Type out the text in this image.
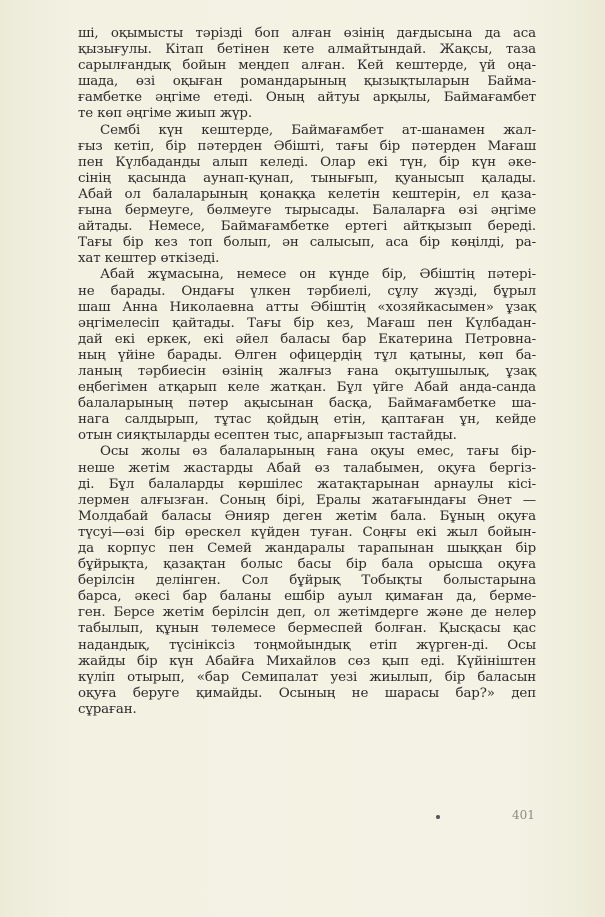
ші, оқымысты тәрізді боп алған өзінің дағдысына да аса
қызығулы. Кітап бетінен кете алмайтындай. Жақсы, таза
сарылғандық бойын меңдеп алған. Кей кештерде, үй оңа-
шада, өзі оқыған романдарының қызықтыларын Баймa-
ғамбетке әңгіме етеді. Оның айтуы арқылы, Баймағамбет
те көп әңгіме жиып жүр.
Сембі күн кештерде, Баймағамбет ат-шанамен жал-
ғыз кетіп, бір пәтерден Әбішті, тағы бір пәтерден Мағаш
пен Күлбаданды алып келеді. Олар екі түн, бір күн әке-
сінің қасында аунап-қунап, тынығып, қуанысып қалады.
Абай ол балаларының қонаққа келетін кештерін, ел қаза-
ғына бермеуге, бөлмеуге тырысады. Балаларға өзі әңгіме
айтады. Немесе, Баймағамбетке ертегі айтқызып береді.
Тағы бір кез топ болып, ән салысып, аса бір көңілді, ра-
хат кештер өткізеді.
Абай жұмасына, немесе он күнде бір, Әбіштің пәтері-
не барады. Ондағы үлкен тәрбиелі, сұлу жүзді, бұрыл
шаш Анна Николаевна атты Әбіштің «хозяйкасымен» ұзақ
әңгімелесіп қайтады. Тағы бір кез, Мағаш пен Күлбадан-
дай екі еркек, екі әйел баласы бар Екатерина Петровна-
ның үйіне барады. Өлген офицердің тұл қатыны, көп ба-
ланың тәрбиесін өзінің жалғыз ғана оқытушылық, ұзақ
еңбегімен атқарып келе жатқан. Бұл үйге Абай анда-санда
балаларының пәтер ақысынан басқа, Баймағамбетке ша-
нага салдырып, тұтас қойдың етін, қаптаған ұн, кейде
отын сияқтыларды есептен тыс, апарғызып тастайды.
Осы жолы өз балаларының ғана оқуы емес, тағы бір-
неше жетім жастарды Абай өз талабымен, оқуға бергіз-
ді. Бұл балаларды көршілес жатақтарынан арнаулы кісі-
лермен алғызған. Соның бірі, Ералы жатағындағы Әнет —
Молдабай баласы Әнияр деген жетім бала. Бұның оқуға
түсуі—өзі бір өрескел күйден туған. Соңғы екі жыл бойын-
да корпус пен Семей жандаралы тарапынан шыққан бір
бұйрықта, қазақтан болыс басы бір бала орысша оқуға
берілсін делінген. Сол бұйрық Тобықты болыстарына
барса, әкесі бар баланы ешбір ауыл қимаған да, берме-
ген. Берсе жетім берілсін деп, ол жетімдерге және де нелер
табылып, құнын төлемесе бермеспей болған. Қысқасы қас
надандық, түсініксіз тоңмойындық етіп жүрген-ді. Осы
жайды бір күн Абайға Михайлов сөз қып еді. Күйініштен
күліп отырып, «бар Семипалат уезі жиылып, бір баласын
оқуға беруге қимайды. Осының не шарасы бар?» деп
сұраған.
401
